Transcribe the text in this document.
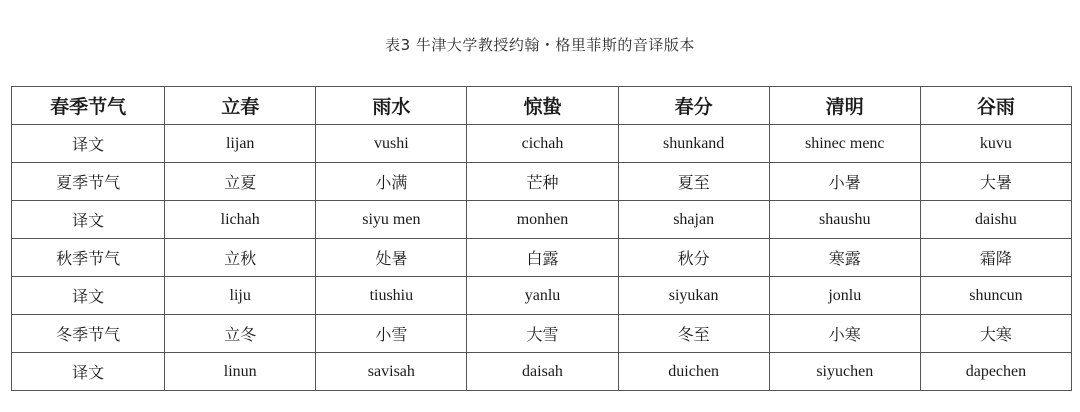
表3 牛津大学教授约翰・格里菲斯的音译版本
春季节气	立春	雨水	惊蛰	春分	清明	谷雨
译文	lijan	vushi	cichah	shunkand	shinec menc	kuvu
夏季节气	立夏	小满	芒种	夏至	小暑	大暑
译文	lichah	siyu men	monhen	shajan	shaushu	daishu
秋季节气	立秋	处暑	白露	秋分	寒露	霜降
译文	liju	tiushiu	yanlu	siyukan	jonlu	shuncun
冬季节气	立冬	小雪	大雪	冬至	小寒	大寒
译文	linun	savisah	daisah	duichen	siyuchen	dapechen
